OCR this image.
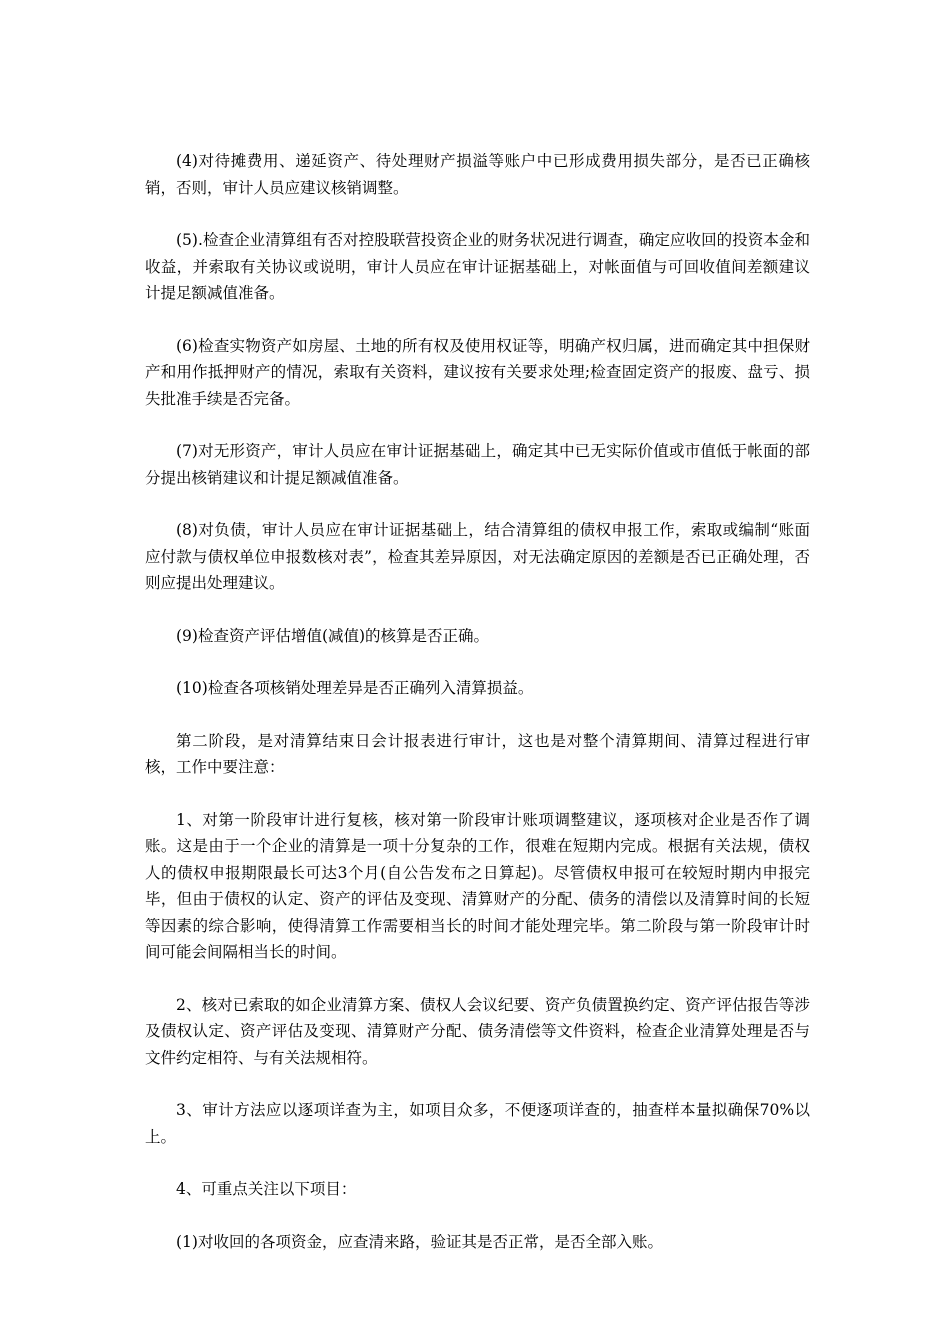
(4)对待摊费用、递延资产、待处理财产损溢等账户中已形成费用损失部分，是否已正确核销，否则，审计人员应建议核销调整。

(5).检查企业清算组有否对控股联营投资企业的财务状况进行调查，确定应收回的投资本金和收益，并索取有关协议或说明，审计人员应在审计证据基础上，对帐面值与可回收值间差额建议计提足额减值准备。

(6)检查实物资产如房屋、土地的所有权及使用权证等，明确产权归属，进而确定其中担保财产和用作抵押财产的情况，索取有关资料，建议按有关要求处理;检查固定资产的报废、盘亏、损失批准手续是否完备。

(7)对无形资产，审计人员应在审计证据基础上，确定其中已无实际价值或市值低于帐面的部分提出核销建议和计提足额减值准备。

(8)对负债，审计人员应在审计证据基础上，结合清算组的债权申报工作，索取或编制“账面应付款与债权单位申报数核对表”，检查其差异原因，对无法确定原因的差额是否已正确处理，否则应提出处理建议。

(9)检查资产评估增值(减值)的核算是否正确。

(10)检查各项核销处理差异是否正确列入清算损益。

第二阶段，是对清算结束日会计报表进行审计，这也是对整个清算期间、清算过程进行审核，工作中要注意：

1、对第一阶段审计进行复核，核对第一阶段审计账项调整建议，逐项核对企业是否作了调账。这是由于一个企业的清算是一项十分复杂的工作，很难在短期内完成。根据有关法规，债权人的债权申报期限最长可达3个月(自公告发布之日算起)。尽管债权申报可在较短时期内申报完毕，但由于债权的认定、资产的评估及变现、清算财产的分配、债务的清偿以及清算时间的长短等因素的综合影响，使得清算工作需要相当长的时间才能处理完毕。第二阶段与第一阶段审计时间可能会间隔相当长的时间。

2、核对已索取的如企业清算方案、债权人会议纪要、资产负债置换约定、资产评估报告等涉及债权认定、资产评估及变现、清算财产分配、债务清偿等文件资料，检查企业清算处理是否与文件约定相符、与有关法规相符。

3、审计方法应以逐项详查为主，如项目众多，不便逐项详查的，抽查样本量拟确保70%以上。

4、可重点关注以下项目：

(1)对收回的各项资金，应查清来路，验证其是否正常，是否全部入账。
